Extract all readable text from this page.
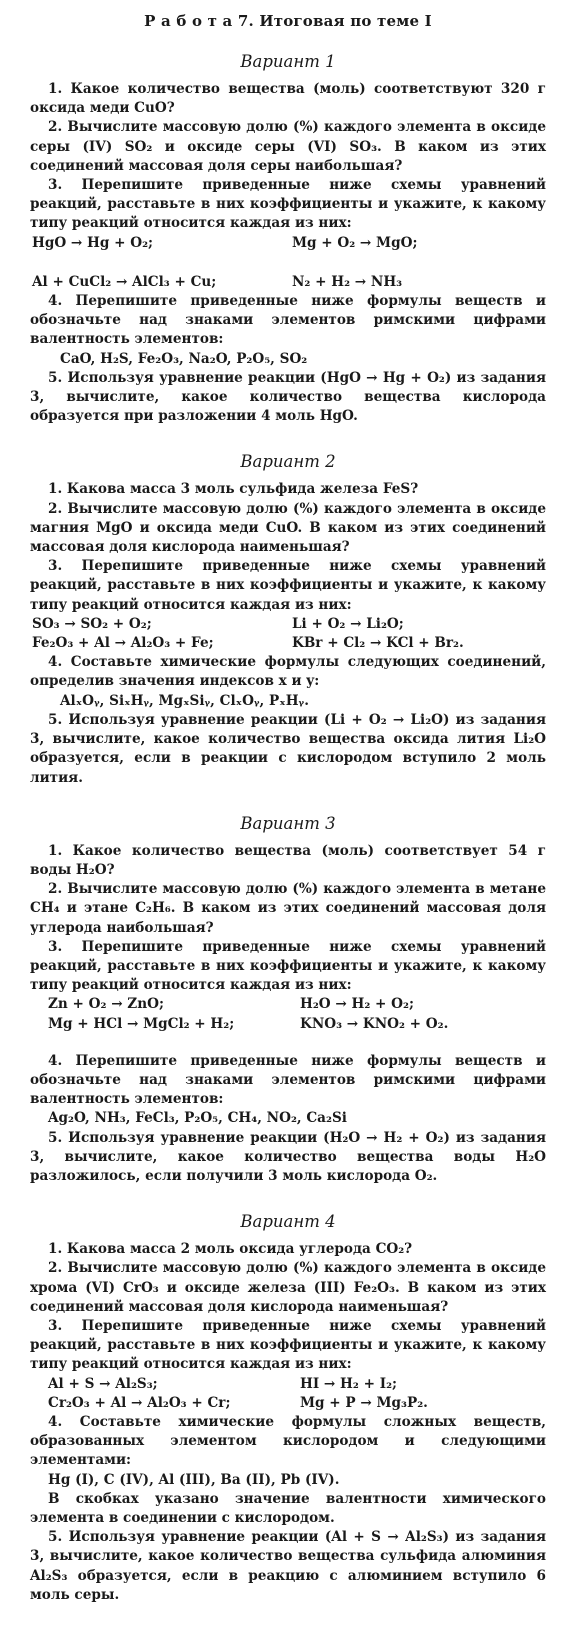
Р а б о т а 7. Итоговая по теме I
Вариант 1

1. Какое количество вещества (моль) соответствуют 320 г оксида меди CuO?

2. Вычислите массовую долю (%) каждого элемента в оксиде серы (IV) SO₂ и оксиде серы (VI) SO₃. В каком из этих соединений массовая доля серы наибольшая?

3. Перепишите приведенные ниже схемы уравнений реакций, расставьте в них коэффициенты и укажите, к какому типу реакций относится каждая из них:

HgO → Hg + O₂;	Mg + O₂ → MgO;
Al + CuCl₂ → AlCl₃ + Cu;	N₂ + H₂ → NH₃

4. Перепишите приведенные ниже формулы веществ и обозначьте над знаками элементов римскими цифрами валентность элементов:

CaO, H₂S, Fe₂O₃, Na₂O, P₂O₅, SO₂

5. Используя уравнение реакции (HgO → Hg + O₂) из задания 3, вычислите, какое количество вещества кислорода образуется при разложении 4 моль HgO.

Вариант 2

1. Какова масса 3 моль сульфида железа FeS?

2. Вычислите массовую долю (%) каждого элемента в оксиде магния MgO и оксида меди CuO. В каком из этих соединений массовая доля кислорода наименьшая?

3. Перепишите приведенные ниже схемы уравнений реакций, расставьте в них коэффициенты и укажите, к какому типу реакций относится каждая из них:

SO₃ → SO₂ + O₂;	Li + O₂ → Li₂O;
Fe₂O₃ + Al → Al₂O₃ + Fe;	KBr + Cl₂ → KCl + Br₂.

4. Составьте химические формулы следующих соединений, определив значения индексов x и y:

AlₓOᵧ, SiₓHᵧ, MgₓSiᵧ, ClₓOᵧ, PₓHᵧ.

5. Используя уравнение реакции (Li + O₂ → Li₂O) из задания 3, вычислите, какое количество вещества оксида лития Li₂O образуется, если в реакции с кислородом вступило 2 моль лития.

Вариант 3

1. Какое количество вещества (моль) соответствует 54 г воды H₂O?

2. Вычислите массовую долю (%) каждого элемента в метане CH₄ и этане C₂H₆. В каком из этих соединений массовая доля углерода наибольшая?

3. Перепишите приведенные ниже схемы уравнений реакций, расставьте в них коэффициенты и укажите, к какому типу реакций относится каждая из них:

Zn + O₂ → ZnO;	H₂O → H₂ + O₂;
Mg + HCl → MgCl₂ + H₂;	KNO₃ → KNO₂ + O₂.

4. Перепишите приведенные ниже формулы веществ и обозначьте над знаками элементов римскими цифрами валентность элементов:

Ag₂O, NH₃, FeCl₃, P₂O₅, CH₄, NO₂, Ca₂Si

5. Используя уравнение реакции (H₂O → H₂ + O₂) из задания 3, вычислите, какое количество вещества воды H₂O разложилось, если получили 3 моль кислорода O₂.

Вариант 4

1. Какова масса 2 моль оксида углерода CO₂?

2. Вычислите массовую долю (%) каждого элемента в оксиде хрома (VI) CrO₃ и оксиде железа (III) Fe₂O₃. В каком из этих соединений массовая доля кислорода наименьшая?

3. Перепишите приведенные ниже схемы уравнений реакций, расставьте в них коэффициенты и укажите, к какому типу реакций относится каждая из них:

Al + S → Al₂S₃;	HI → H₂ + I₂;
Cr₂O₃ + Al → Al₂O₃ + Cr;	Mg + P → Mg₃P₂.

4. Составьте химические формулы сложных веществ, образованных элементом кислородом и следующими элементами:

Hg (I), C (IV), Al (III), Ba (II), Pb (IV).

В скобках указано значение валентности химического элемента в соединении с кислородом.

5. Используя уравнение реакции (Al + S → Al₂S₃) из задания 3, вычислите, какое количество вещества сульфида алюминия Al₂S₃ образуется, если в реакцию с алюминием вступило 6 моль серы.
